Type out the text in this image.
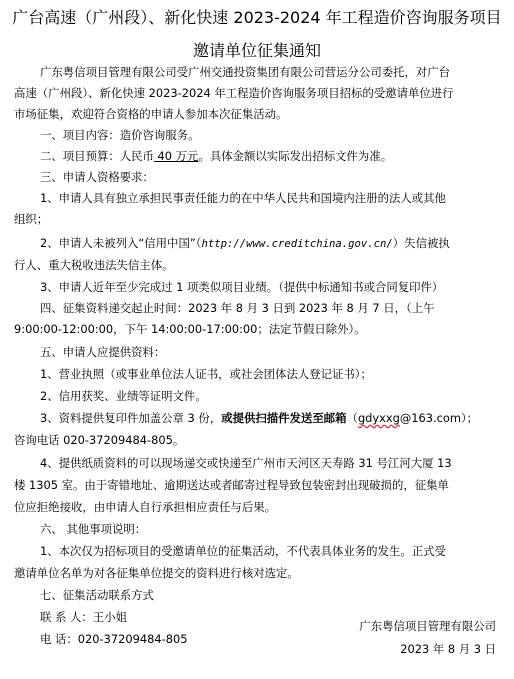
广台高速（广州段）、新化快速 2023-2024 年工程造价咨询服务项目
邀请单位征集通知
广东粤信项目管理有限公司受广州交通投资集团有限公司营运分公司委托，对广台
高速（广州段）、新化快速 2023-2024 年工程造价咨询服务项目招标的受邀请单位进行
市场征集，欢迎符合资格的申请人参加本次征集活动。
一、项目内容：造价咨询服务。
二、项目预算：人民币 40 万元。具体金额以实际发出招标文件为准。
三、申请人资格要求：
1、申请人具有独立承担民事责任能力的在中华人民共和国境内注册的法人或其他
组织；
2、申请人未被列入“信用中国”（http://www.creditchina.gov.cn/）失信被执
行人、重大税收违法失信主体。
3、申请人近年至少完成过 1 项类似项目业绩。（提供中标通知书或合同复印件）
四、征集资料递交起止时间：2023 年 8 月 3 日到 2023 年 8 月 7 日，（上午
9:00:00-12:00:00，下午 14:00:00-17:00:00；法定节假日除外）。
五、申请人应提供资料：
1、营业执照（或事业单位法人证书，或社会团体法人登记证书）；
2、信用获奖、业绩等证明文件。
3、资料提供复印件加盖公章 3 份，或提供扫描件发送至邮箱（gdyxxg@163.com）；
咨询电话 020-37209484-805。
4、提供纸质资料的可以现场递交或快递至广州市天河区天寿路 31 号江河大厦 13
楼 1305 室。由于寄错地址、逾期送达或者邮寄过程导致包装密封出现破损的，征集单
位应拒绝接收，由申请人自行承担相应责任与后果。
六、 其他事项说明：
1、本次仅为招标项目的受邀请单位的征集活动，不代表具体业务的发生。正式受
邀请单位名单为对各征集单位提交的资料进行核对选定。
七、征集活动联系方式
联 系 人：王小姐
电 话：020-37209484-805
广东粤信项目管理有限公司
2023 年 8 月 3 日
